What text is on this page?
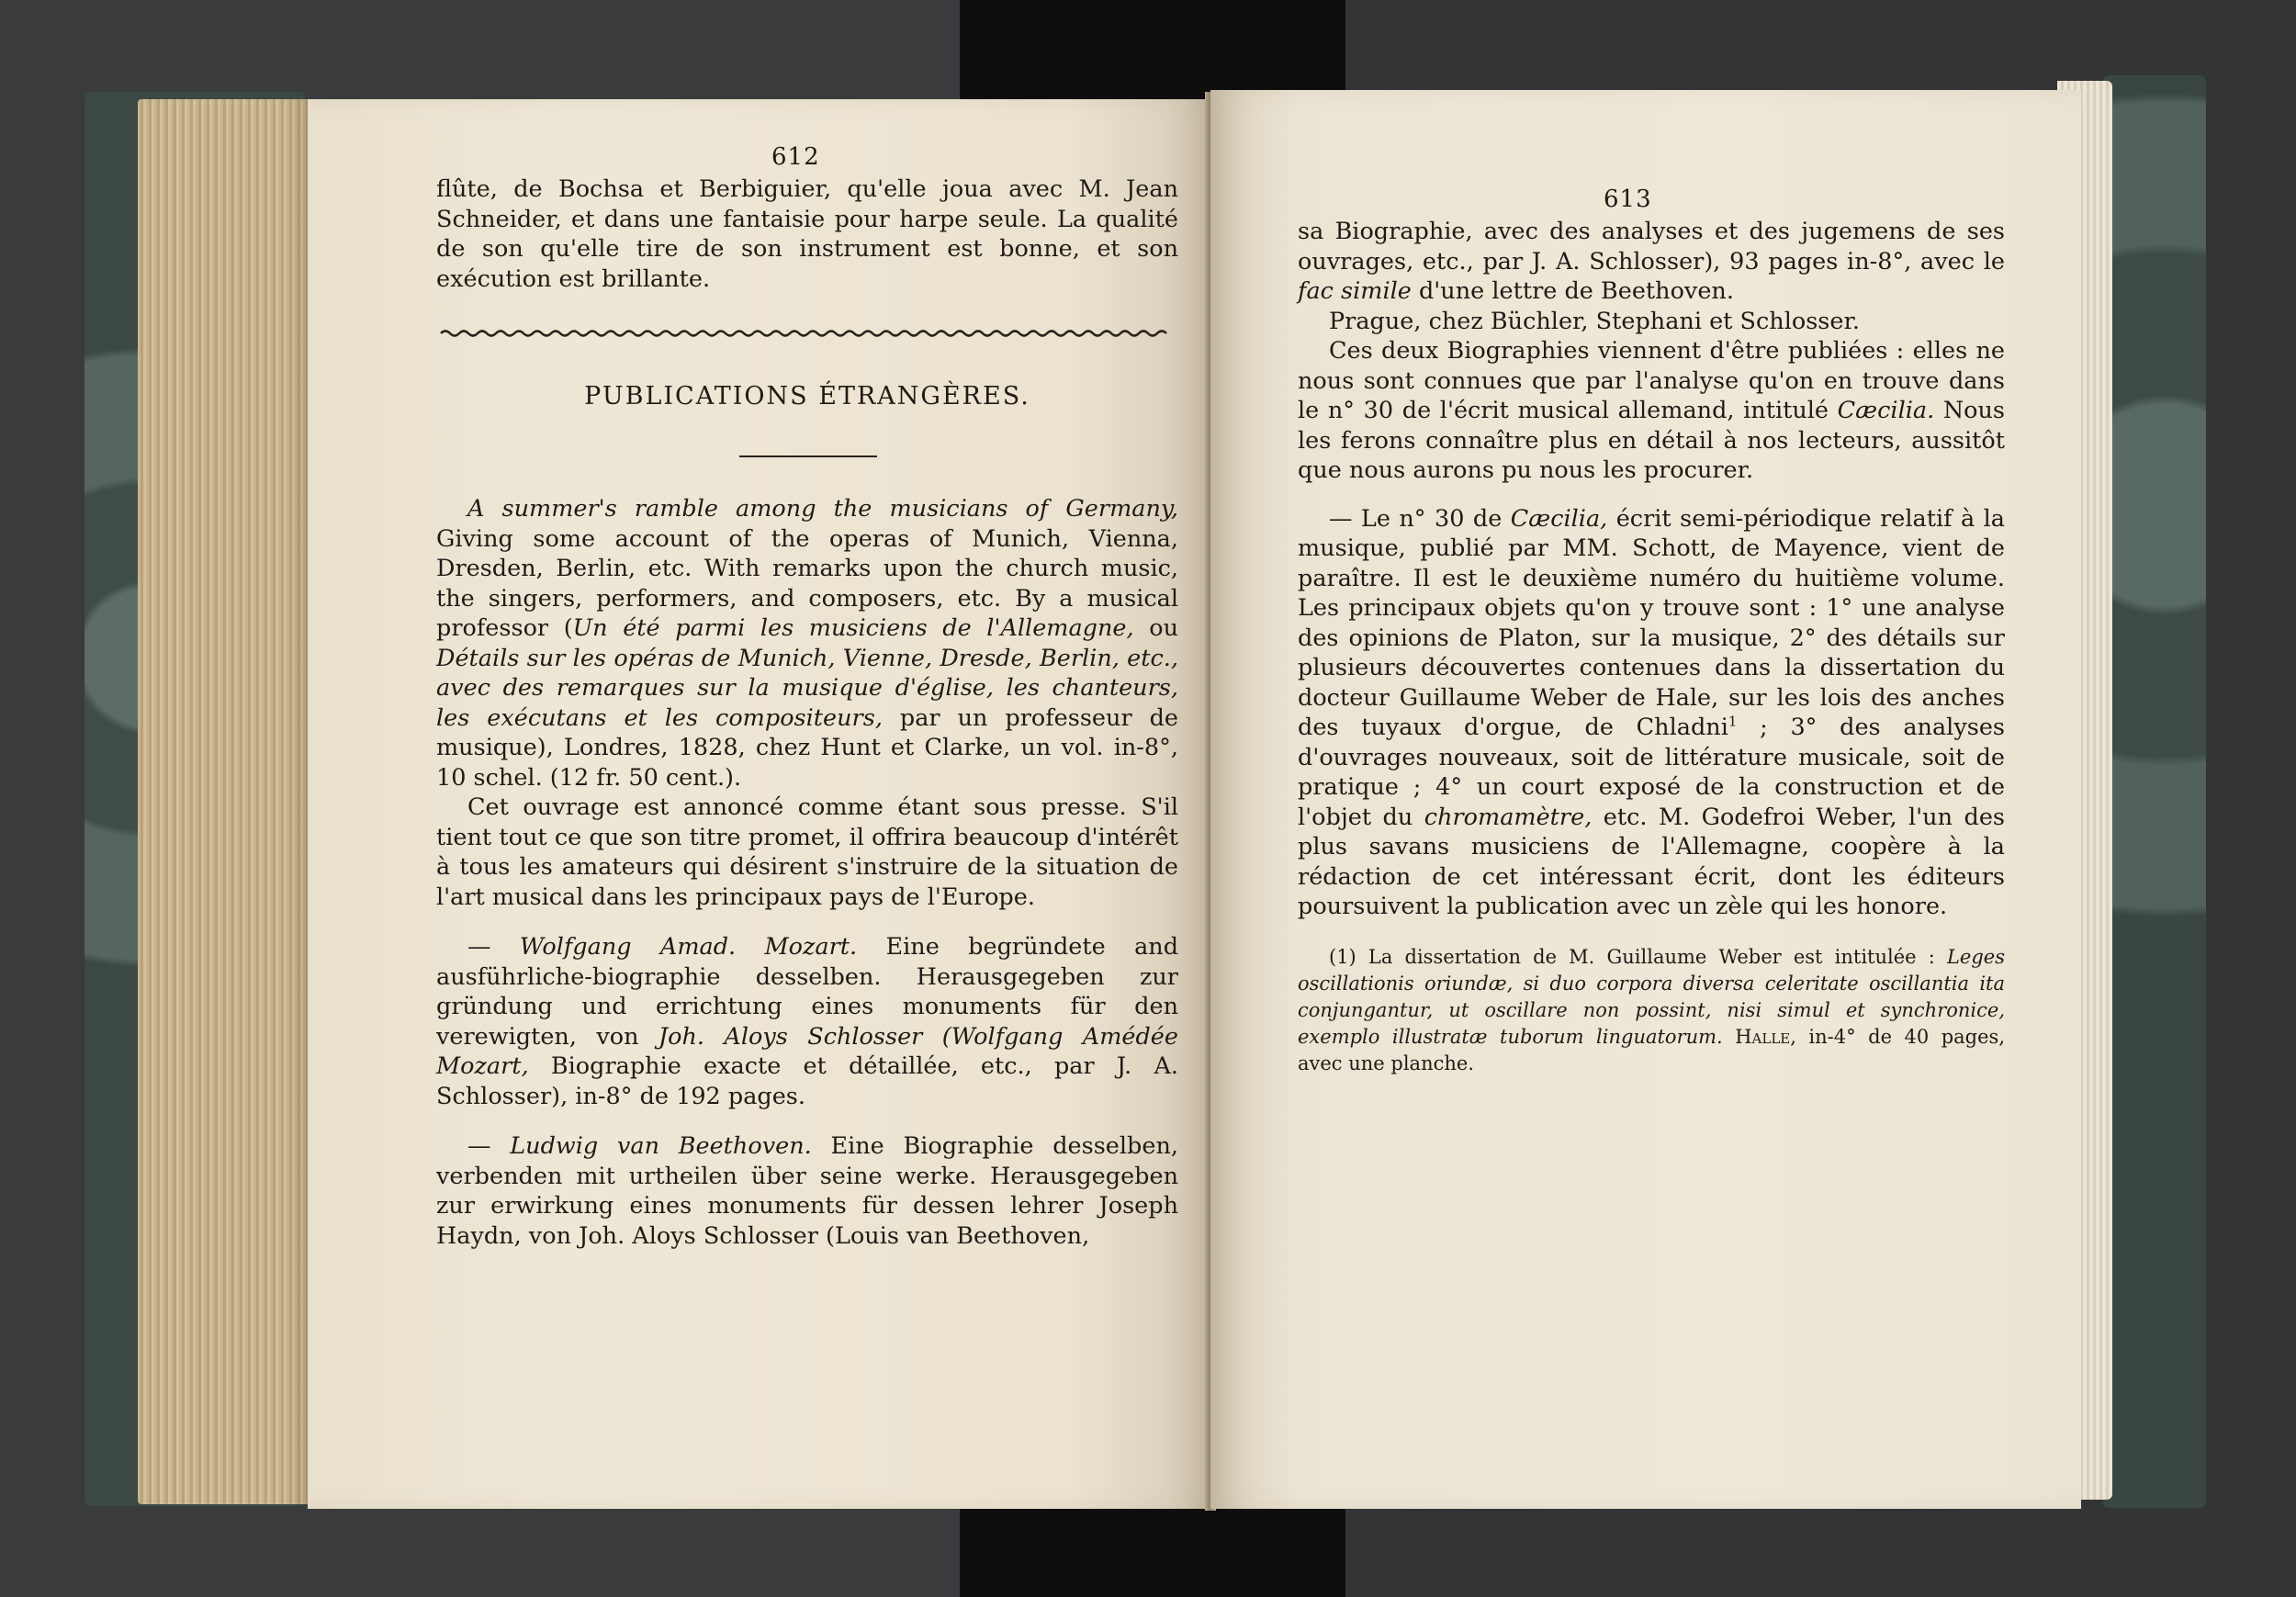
612

flûte, de Bochsa et Berbiguier, qu'elle joua avec M. Jean Schneider, et dans une fantaisie pour harpe seule. La qualité de son qu'elle tire de son instrument est bonne, et son exécution est brillante.

PUBLICATIONS ÉTRANGÈRES.

A summer's ramble among the musicians of Germany, Giving some account of the operas of Munich, Vienna, Dresden, Berlin, etc. With remarks upon the church music, the singers, performers, and composers, etc. By a musical professor (Un été parmi les musiciens de l'Allemagne, ou Détails sur les opéras de Munich, Vienne, Dresde, Berlin, etc., avec des remarques sur la musique d'église, les chanteurs, les exécutans et les compositeurs, par un professeur de musique), Londres, 1828, chez Hunt et Clarke, un vol. in-8°, 10 schel. (12 fr. 50 cent.).

Cet ouvrage est annoncé comme étant sous presse. S'il tient tout ce que son titre promet, il offrira beaucoup d'intérêt à tous les amateurs qui désirent s'instruire de la situation de l'art musical dans les principaux pays de l'Europe.

— Wolfgang Amad. Mozart. Eine begründete and ausführliche-biographie desselben. Herausgegeben zur gründung und errichtung eines monuments für den verewigten, von Joh. Aloys Schlosser (Wolfgang Amédée Mozart, Biographie exacte et détaillée, etc., par J. A. Schlosser), in-8° de 192 pages.

— Ludwig van Beethoven. Eine Biographie desselben, verbenden mit urtheilen über seine werke. Herausgegeben zur erwirkung eines monuments für dessen lehrer Joseph Haydn, von Joh. Aloys Schlosser (Louis van Beethoven,

613

sa Biographie, avec des analyses et des jugemens de ses ouvrages, etc., par J. A. Schlosser), 93 pages in-8°, avec le fac simile d'une lettre de Beethoven.

Prague, chez Büchler, Stephani et Schlosser.

Ces deux Biographies viennent d'être publiées : elles ne nous sont connues que par l'analyse qu'on en trouve dans le n° 30 de l'écrit musical allemand, intitulé Cæcilia. Nous les ferons connaître plus en détail à nos lecteurs, aussitôt que nous aurons pu nous les procurer.

— Le n° 30 de Cæcilia, écrit semi-périodique relatif à la musique, publié par MM. Schott, de Mayence, vient de paraître. Il est le deuxième numéro du huitième volume. Les principaux objets qu'on y trouve sont : 1° une analyse des opinions de Platon, sur la musique, 2° des détails sur plusieurs découvertes contenues dans la dissertation du docteur Guillaume Weber de Hale, sur les lois des anches des tuyaux d'orgue, de Chladni$^1$ ; 3° des analyses d'ouvrages nouveaux, soit de littérature musicale, soit de pratique ; 4° un court exposé de la construction et de l'objet du chromamètre, etc. M. Godefroi Weber, l'un des plus savans musiciens de l'Allemagne, coopère à la rédaction de cet intéressant écrit, dont les éditeurs poursuivent la publication avec un zèle qui les honore.

(1) La dissertation de M. Guillaume Weber est intitulée : Leges oscillationis oriundæ, si duo corpora diversa celeritate oscillantia ita conjungantur, ut oscillare non possint, nisi simul et synchronice, exemplo illustratæ tuborum linguatorum. Halle, in-4° de 40 pages, avec une planche.
